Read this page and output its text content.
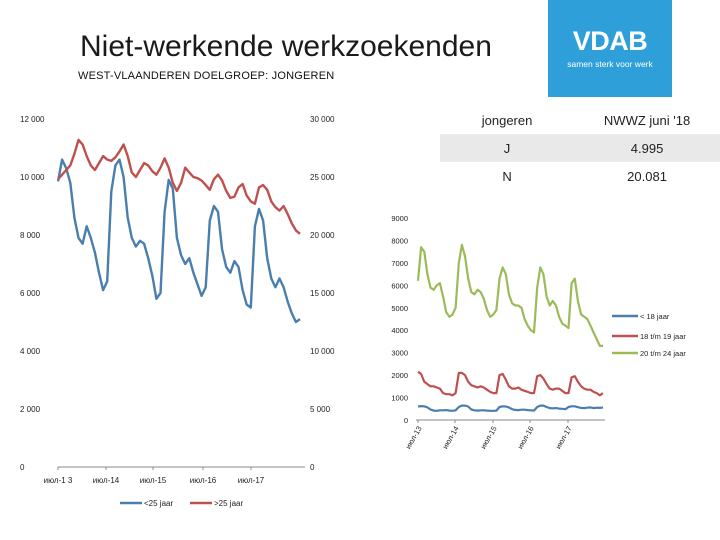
Niet-werkende werkzoekenden
WEST-VLAANDEREN DOELGROEP: JONGEREN
VDAB
samen sterk voor werk
jongeren	NWWZ juni '18
J	4.995
N	20.081
0
2 000
4 000
6 000
8 000
10 000
12 000
0
5 000
10 000
15 000
20 000
25 000
30 000
июл-1 3	июл-14	июл-15	июл-16	июл-17
<25 jaar	>25 jaar
0
1000
2000
3000
4000
5000
6000
7000
8000
9000
июл-13 июл-14 июл-15 июл-16 июл-17
< 18 jaar
18 t/m 19 jaar
20 t/m 24 jaar
